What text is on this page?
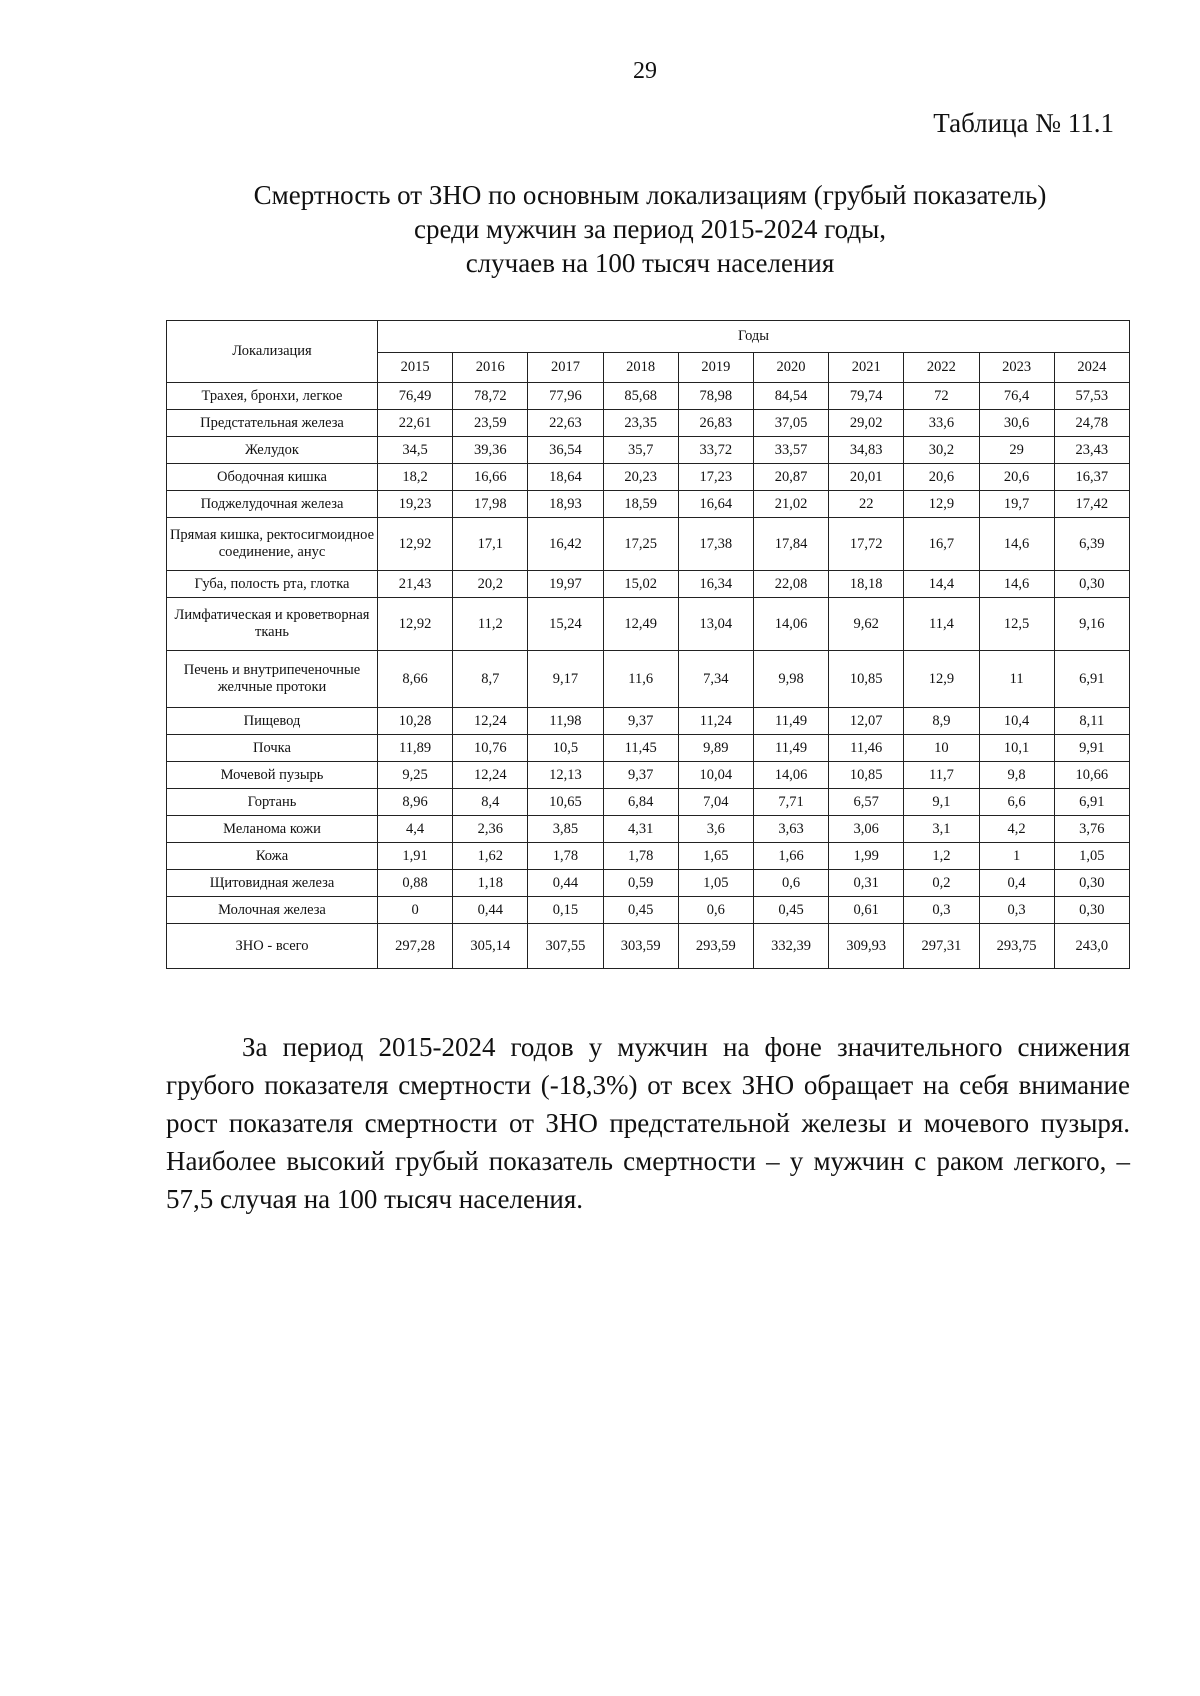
29
Таблица № 11.1
Смертность от ЗНО по основным локализациям (грубый показатель)
среди мужчин за период 2015-2024 годы,
случаев на 100 тысяч населения
Локализация	Годы									
	2015	2016	2017	2018	2019	2020	2021	2022	2023	2024
Трахея, бронхи, легкое	76,49	78,72	77,96	85,68	78,98	84,54	79,74	72	76,4	57,53
Предстательная железа	22,61	23,59	22,63	23,35	26,83	37,05	29,02	33,6	30,6	24,78
Желудок	34,5	39,36	36,54	35,7	33,72	33,57	34,83	30,2	29	23,43
Ободочная кишка	18,2	16,66	18,64	20,23	17,23	20,87	20,01	20,6	20,6	16,37
Поджелудочная железа	19,23	17,98	18,93	18,59	16,64	21,02	22	12,9	19,7	17,42
Прямая кишка, ректосигмоидное соединение, анус	12,92	17,1	16,42	17,25	17,38	17,84	17,72	16,7	14,6	6,39
Губа, полость рта, глотка	21,43	20,2	19,97	15,02	16,34	22,08	18,18	14,4	14,6	0,30
Лимфатическая и кроветворная ткань	12,92	11,2	15,24	12,49	13,04	14,06	9,62	11,4	12,5	9,16
Печень и внутрипеченочные желчные протоки	8,66	8,7	9,17	11,6	7,34	9,98	10,85	12,9	11	6,91
Пищевод	10,28	12,24	11,98	9,37	11,24	11,49	12,07	8,9	10,4	8,11
Почка	11,89	10,76	10,5	11,45	9,89	11,49	11,46	10	10,1	9,91
Мочевой пузырь	9,25	12,24	12,13	9,37	10,04	14,06	10,85	11,7	9,8	10,66
Гортань	8,96	8,4	10,65	6,84	7,04	7,71	6,57	9,1	6,6	6,91
Меланома кожи	4,4	2,36	3,85	4,31	3,6	3,63	3,06	3,1	4,2	3,76
Кожа	1,91	1,62	1,78	1,78	1,65	1,66	1,99	1,2	1	1,05
Щитовидная железа	0,88	1,18	0,44	0,59	1,05	0,6	0,31	0,2	0,4	0,30
Молочная железа	0	0,44	0,15	0,45	0,6	0,45	0,61	0,3	0,3	0,30
ЗНО - всего	297,28	305,14	307,55	303,59	293,59	332,39	309,93	297,31	293,75	243,0
За период 2015-2024 годов у мужчин на фоне значительного снижения грубого показателя смертности (-18,3%) от всех ЗНО обращает на себя внимание рост показателя смертности от ЗНО предстательной железы и мочевого пузыря. Наиболее высокий грубый показатель смертности – у мужчин с раком легкого, – 57,5 случая на 100 тысяч населения.
